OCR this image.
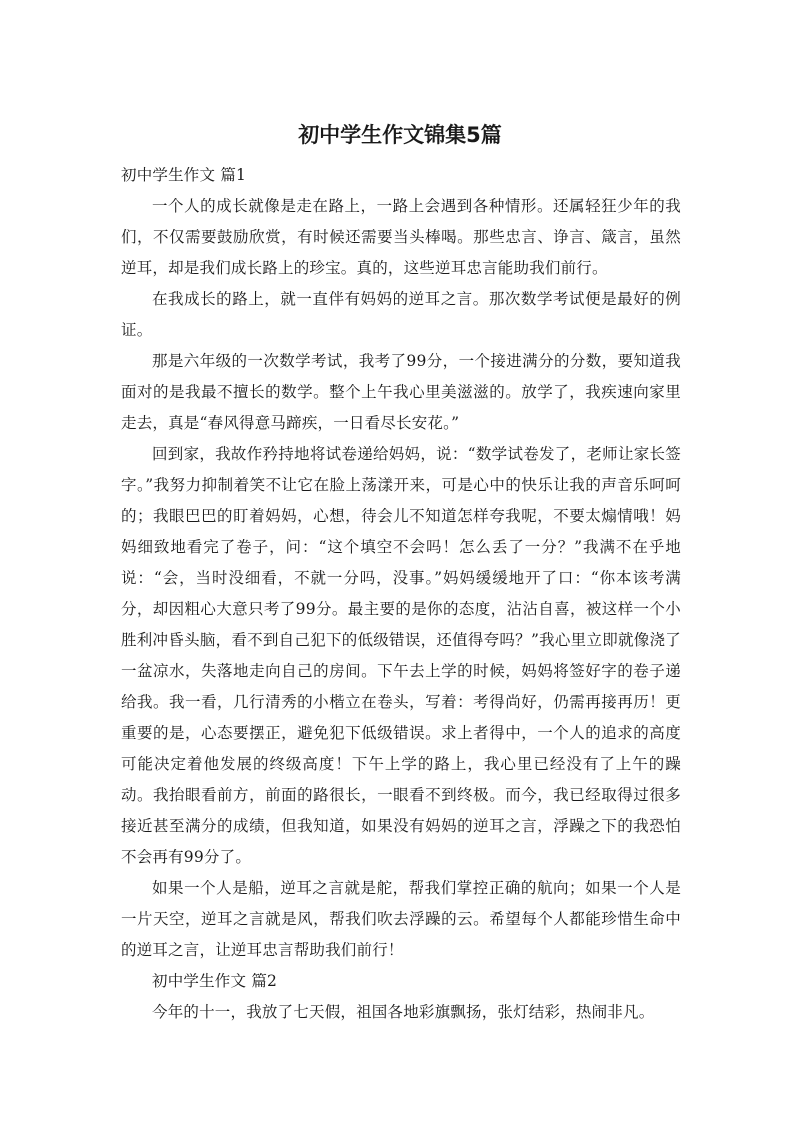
初中学生作文锦集5篇

初中学生作文 篇1

一个人的成长就像是走在路上，一路上会遇到各种情形。还属轻狂少年的我们，不仅需要鼓励欣赏，有时候还需要当头棒喝。那些忠言、诤言、箴言，虽然逆耳，却是我们成长路上的珍宝。真的，这些逆耳忠言能助我们前行。

在我成长的路上，就一直伴有妈妈的逆耳之言。那次数学考试便是最好的例证。

那是六年级的一次数学考试，我考了99分，一个接进满分的分数，要知道我面对的是我最不擅长的数学。整个上午我心里美滋滋的。放学了，我疾速向家里走去，真是“春风得意马蹄疾，一日看尽长安花。”

回到家，我故作矜持地将试卷递给妈妈，说：“数学试卷发了，老师让家长签字。”我努力抑制着笑不让它在脸上荡漾开来，可是心中的快乐让我的声音乐呵呵的；我眼巴巴的盯着妈妈，心想，待会儿不知道怎样夸我呢，不要太煽情哦！妈妈细致地看完了卷子，问：“这个填空不会吗！怎么丢了一分？”我满不在乎地说：“会，当时没细看，不就一分吗，没事。”妈妈缓缓地开了口：“你本该考满分，却因粗心大意只考了99分。最主要的是你的态度，沾沾自喜，被这样一个小胜利冲昏头脑，看不到自己犯下的低级错误，还值得夸吗？”我心里立即就像浇了一盆凉水，失落地走向自己的房间。下午去上学的时候，妈妈将签好字的卷子递给我。我一看，几行清秀的小楷立在卷头，写着：考得尚好，仍需再接再历！更重要的是，心态要摆正，避免犯下低级错误。求上者得中，一个人的追求的高度可能决定着他发展的终级高度！下午上学的路上，我心里已经没有了上午的躁动。我抬眼看前方，前面的路很长，一眼看不到终极。而今，我已经取得过很多接近甚至满分的成绩，但我知道，如果没有妈妈的逆耳之言，浮躁之下的我恐怕不会再有99分了。

如果一个人是船，逆耳之言就是舵，帮我们掌控正确的航向；如果一个人是一片天空，逆耳之言就是风，帮我们吹去浮躁的云。希望每个人都能珍惜生命中的逆耳之言，让逆耳忠言帮助我们前行！

初中学生作文 篇2

今年的十一，我放了七天假，祖国各地彩旗飘扬，张灯结彩，热闹非凡。
